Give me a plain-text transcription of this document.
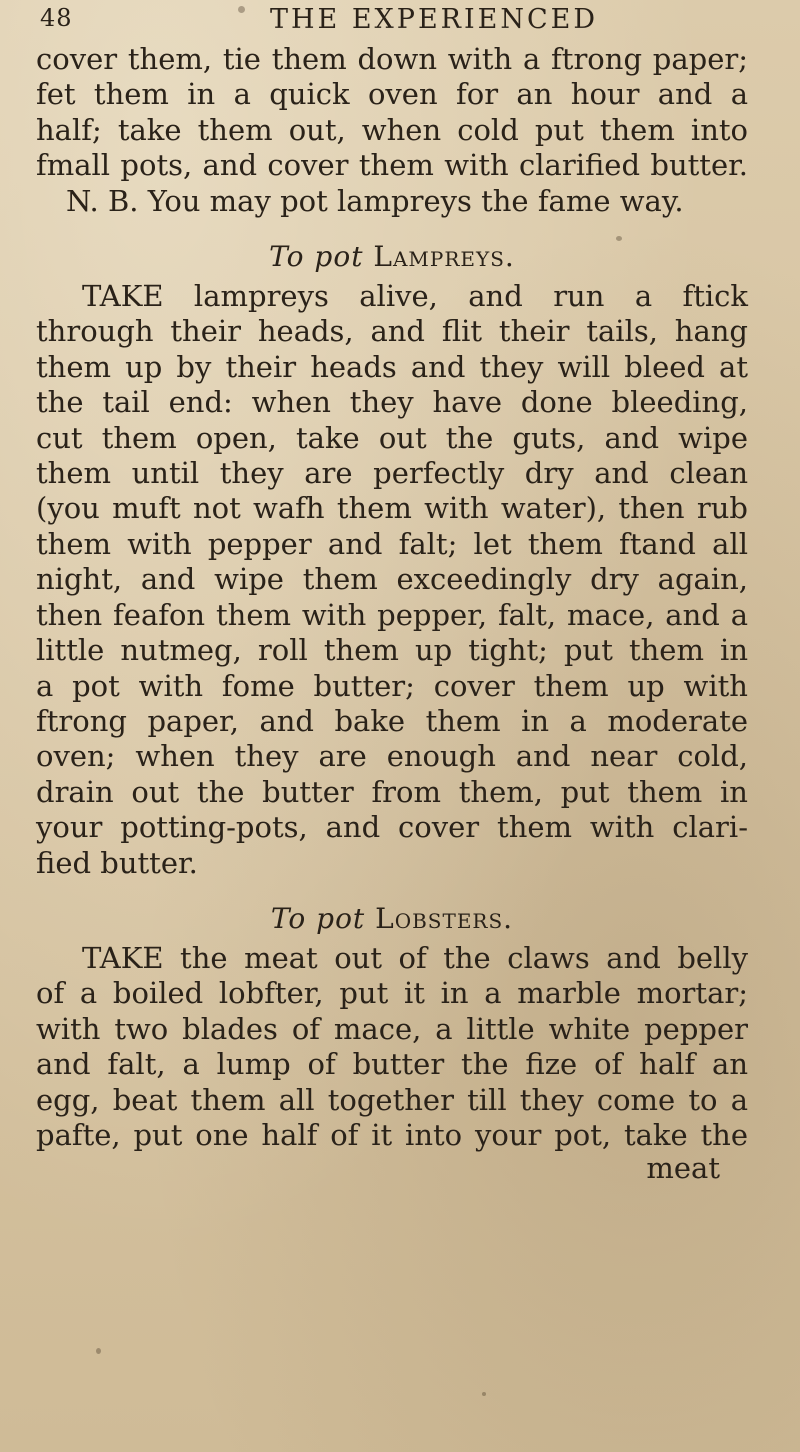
48	THE EXPERIENCED
cover them, tie them down with a ftrong paper;
fet them in a quick oven for an hour and a
half; take them out, when cold put them into
fmall pots, and cover them with clarified butter.
N. B. You may pot lampreys the fame way.
To pot Lampreys.
TAKE lampreys alive, and run a ftick
through their heads, and flit their tails, hang
them up by their heads and they will bleed at
the tail end: when they have done bleeding,
cut them open, take out the guts, and wipe
them until they are perfectly dry and clean
(you muft not wafh them with water), then rub
them with pepper and falt; let them ftand all
night, and wipe them exceedingly dry again,
then feafon them with pepper, falt, mace, and a
little nutmeg, roll them up tight; put them in
a pot with fome butter; cover them up with
ftrong paper, and bake them in a moderate
oven; when they are enough and near cold,
drain out the butter from them, put them in
your potting-pots, and cover them with clari-
fied butter.
To pot Lobsters.
TAKE the meat out of the claws and belly
of a boiled lobfter, put it in a marble mortar;
with two blades of mace, a little white pepper
and falt, a lump of butter the fize of half an
egg, beat them all together till they come to a
pafte, put one half of it into your pot, take the
meat
